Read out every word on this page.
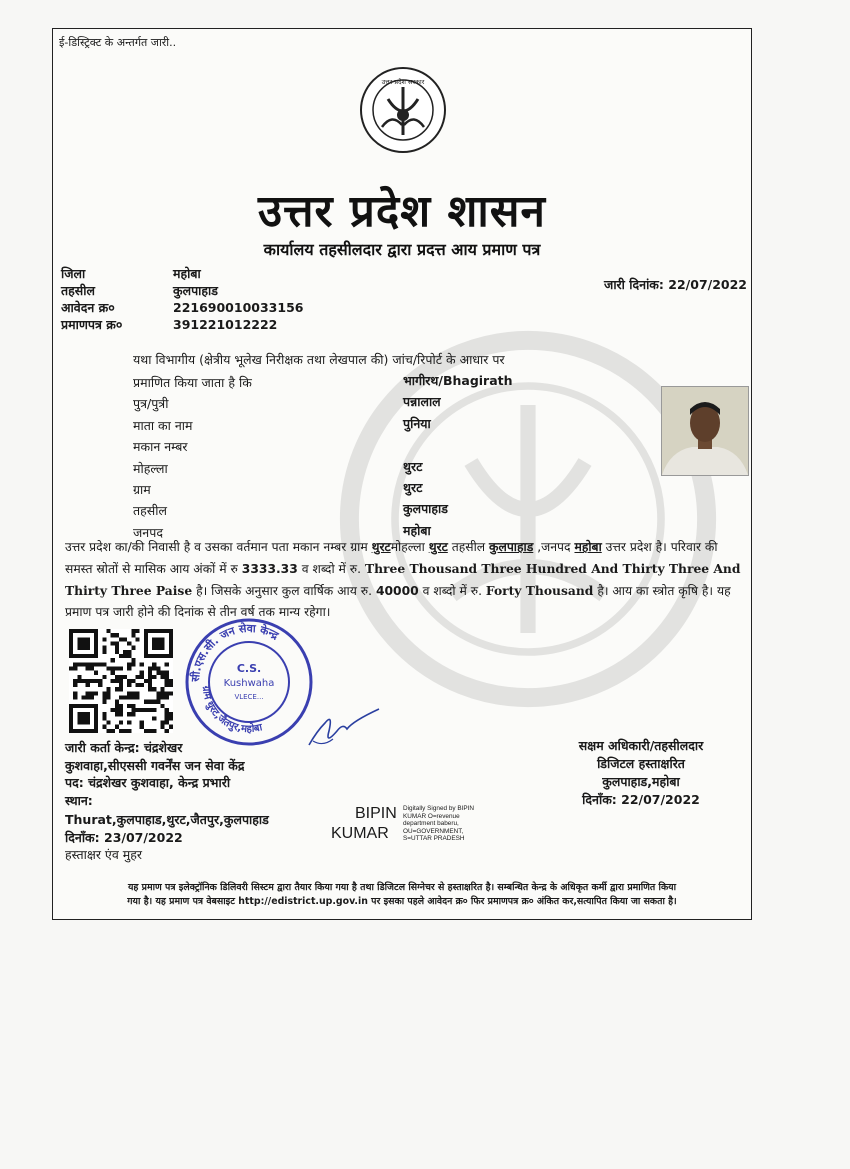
ई-डिस्ट्रिक्ट के अन्तर्गत जारी..
उत्तर प्रदेश सरकार
उत्तर प्रदेश शासन
कार्यालय तहसीलदार द्वारा प्रदत्त आय प्रमाण पत्र
जिला
तहसील
आवेदन क्र०
प्रमाणपत्र क्र०
महोबा
कुलपाहाड
221690010033156
391221012222
जारी दिनांक: 22/07/2022
यथा विभागीय (क्षेत्रीय भूलेख निरीक्षक तथा लेखपाल की) जांच/रिपोर्ट के आधार पर
प्रमाणित किया जाता है कि
पुत्र/पुत्री
माता का नाम
मकान नम्बर
मोहल्ला
ग्राम
तहसील
जनपद
भागीरथ/Bhagirath
पन्नालाल
पुनिया
थुरट
थुरट
कुलपाहाड
महोबा
उत्तर प्रदेश का/की निवासी है व उसका वर्तमान पता मकान नम्बर ग्राम थुरटमोहल्ला थुरट तहसील कुलपाहाड ,जनपद महोबा उत्तर प्रदेश है। परिवार की समस्त स्रोतों से मासिक आय अंकों में रु 3333.33 व शब्दो में रु. Three Thousand Three Hundred And Thirty Three And Thirty Three Paise है। जिसके अनुसार कुल वार्षिक आय रु. 40000 व शब्दो में रु. Forty Thousand है। आय का स्त्रोत कृषि है। यह प्रमाण पत्र जारी होने की दिनांक से तीन वर्ष तक मान्य रहेगा।
सी.एस.सी. जन सेवा केन्द्र
ग्राम थुरट,जैतपुर,महोबा
C.S.
Kushwaha
VLECE...
जारी कर्ता केन्द्र: चंद्रशेखर
कुशवाहा,सीएससी गवर्नेंस जन सेवा केंद्र
पद: चंद्रशेखर कुशवाहा, केन्द्र प्रभारी
स्थान:
Thurat,कुलपाहाड,थुरट,जैतपुर,कुलपाहाड
दिनाँक: 23/07/2022
हस्ताक्षर एंव मुहर
BIPIN
KUMAR
Digitally Signed by BIPIN
KUMAR O=revenue
department baberu,
OU=GOVERNMENT,
S=UTTAR PRADESH
सक्षम अधिकारी/तहसीलदार
डिजिटल हस्ताक्षरित
कुलपाहाड,महोबा
दिनाँक: 22/07/2022
यह प्रमाण पत्र इलेक्ट्रॉनिक डिलिवरी सिस्टम द्वारा तैयार किया गया है तथा डिजिटल सिग्नेचर से हस्ताक्षरित है। सम्बन्धित केन्द्र के अधिकृत कर्मी द्वारा प्रमाणित किया
गया है। यह प्रमाण पत्र वेबसाइट http://edistrict.up.gov.in पर इसका पहले आवेदन क्र० फिर प्रमाणपत्र क्र० अंकित कर,सत्यापित किया जा सकता है।
